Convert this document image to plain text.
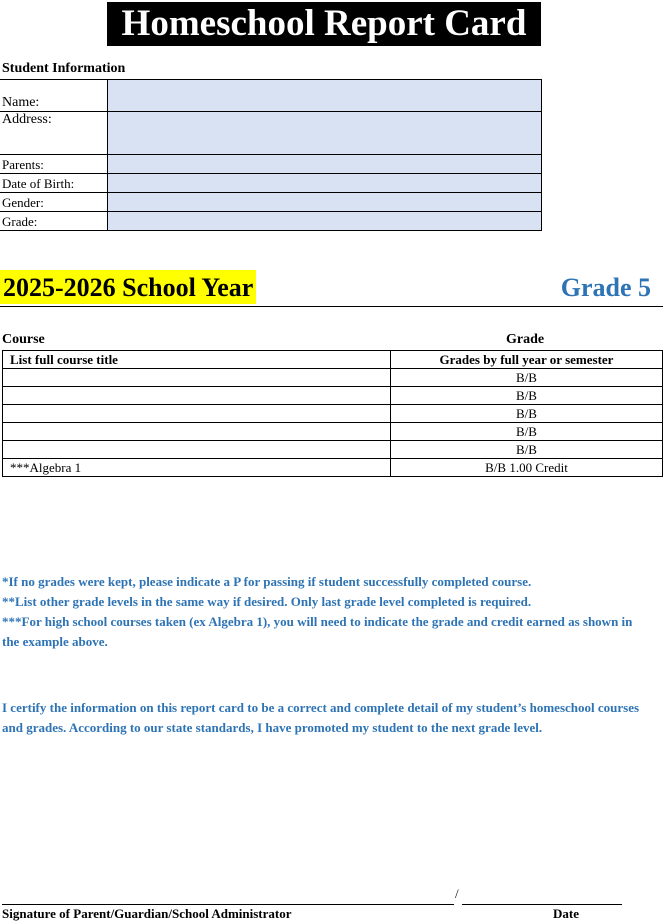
Homeschool Report Card
Student Information
Name:	
Address:	
Parents:	
Date of Birth:	
Gender:	
Grade:	
2025-2026 School Year	Grade 5
Course	Grade
List full course title	Grades by full year or semester
	B/B
	B/B
	B/B
	B/B
	B/B
***Algebra 1	B/B 1.00 Credit

*If no grades were kept, please indicate a P for passing if student successfully completed course.

**List other grade levels in the same way if desired. Only last grade level completed is required.

***For high school courses taken (ex Algebra 1), you will need to indicate the grade and credit earned as shown in the example above.

I certify the information on this report card to be a correct and complete detail of my student’s homeschool courses and grades. According to our state standards, I have promoted my student to the next grade level.
/
Signature of Parent/Guardian/School Administrator	Date
